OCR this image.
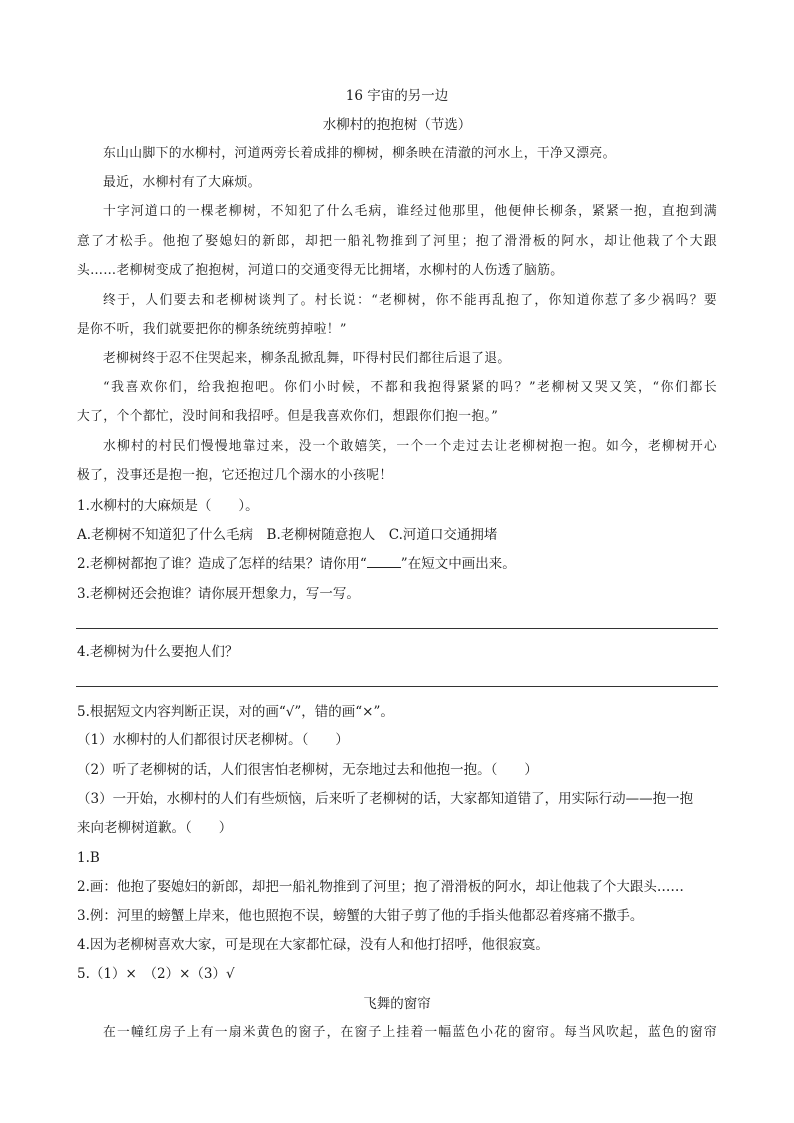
16 宇宙的另一边
水柳村的抱抱树（节选）
东山山脚下的水柳村，河道两旁长着成排的柳树，柳条映在清澈的河水上，干净又漂亮。
最近，水柳村有了大麻烦。
十字河道口的一棵老柳树，不知犯了什么毛病，谁经过他那里，他便伸长柳条，紧紧一抱，直抱到满
意了才松手。他抱了娶媳妇的新郎，却把一船礼物推到了河里；抱了滑滑板的阿水，却让他栽了个大跟
头……老柳树变成了抱抱树，河道口的交通变得无比拥堵，水柳村的人伤透了脑筋。
终于，人们要去和老柳树谈判了。村长说：“老柳树，你不能再乱抱了，你知道你惹了多少祸吗？要
是你不听，我们就要把你的柳条统统剪掉啦！”
老柳树终于忍不住哭起来，柳条乱掀乱舞，吓得村民们都往后退了退。
“我喜欢你们，给我抱抱吧。你们小时候，不都和我抱得紧紧的吗？”老柳树又哭又笑，“你们都长
大了，个个都忙，没时间和我招呼。但是我喜欢你们，想跟你们抱一抱。”
水柳村的村民们慢慢地靠过来，没一个敢嬉笑，一个一个走过去让老柳树抱一抱。如今，老柳树开心
极了，没事还是抱一抱，它还抱过几个溺水的小孩呢！
1.水柳村的大麻烦是（　　）。
A.老柳树不知道犯了什么毛病　B.老柳树随意抱人　C.河道口交通拥堵
2.老柳树都抱了谁？造成了怎样的结果？请你用“	”在短文中画出来。
3.老柳树还会抱谁？请你展开想象力，写一写。
4.老柳树为什么要抱人们？
5.根据短文内容判断正误，对的画“√”，错的画“×”。
（1）水柳村的人们都很讨厌老柳树。（　　）
（2）听了老柳树的话，人们很害怕老柳树，无奈地过去和他抱一抱。（　　）
（3）一开始，水柳村的人们有些烦恼，后来听了老柳树的话，大家都知道错了，用实际行动——抱一抱
来向老柳树道歉。（　　）
1.B
2.画：他抱了娶媳妇的新郎，却把一船礼物推到了河里；抱了滑滑板的阿水，却让他栽了个大跟头……
3.例：河里的螃蟹上岸来，他也照抱不误，螃蟹的大钳子剪了他的手指头他都忍着疼痛不撒手。
4.因为老柳树喜欢大家，可是现在大家都忙碌，没有人和他打招呼，他很寂寞。
5.（1）×　（2）×（3）√
飞舞的窗帘
在一幢红房子上有一扇米黄色的窗子，在窗子上挂着一幅蓝色小花的窗帘。每当风吹起，蓝色的窗帘
